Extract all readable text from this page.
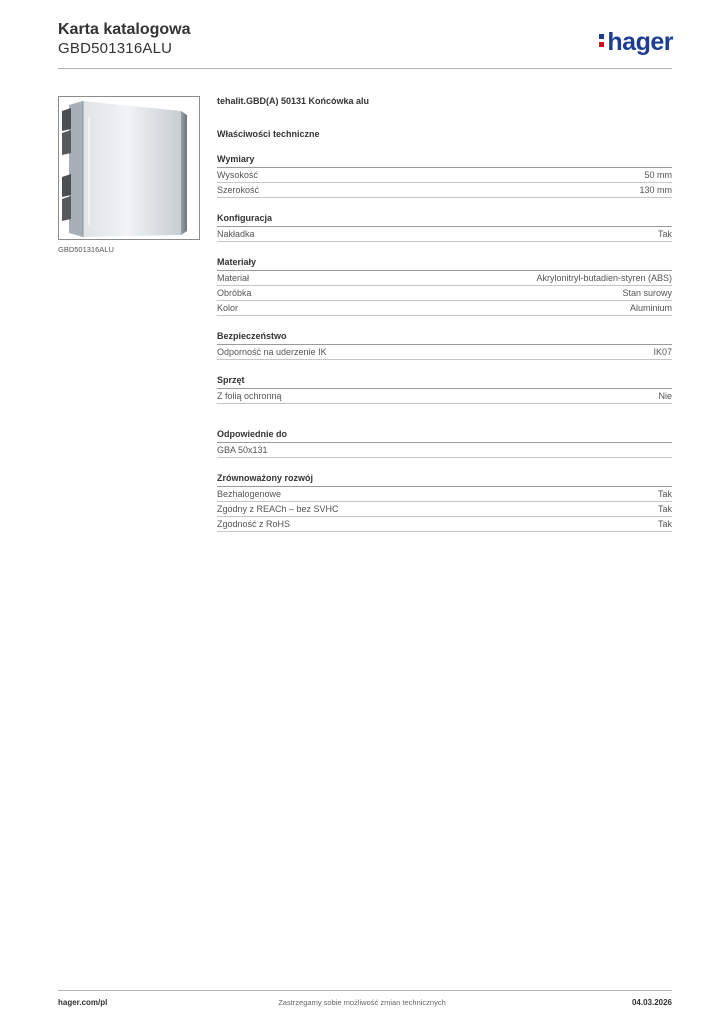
Karta katalogowa
GBD501316ALU	hager
GBD501316ALU
tehalit.GBD(A) 50131 Końcówka alu
Właściwości techniczne
Wymiary
Wysokość	50 mm
Szerokość	130 mm
Konfiguracja
Nakładka	Tak
Materiały
Materiał	Akrylonitryl-butadien-styren (ABS)
Obróbka	Stan surowy
Kolor	Aluminium
Bezpieczeństwo
Odporność na uderzenie IK	IK07
Sprzęt
Z folią ochronną	Nie
Odpowiednie do
GBA 50x131
Zrównoważony rozwój
Bezhalogenowe	Tak
Zgodny z REACh – bez SVHC	Tak
Zgodność z RoHS	Tak
hager.com/pl	Zastrzegamy sobie możliwość zmian technicznych	04.03.2026
